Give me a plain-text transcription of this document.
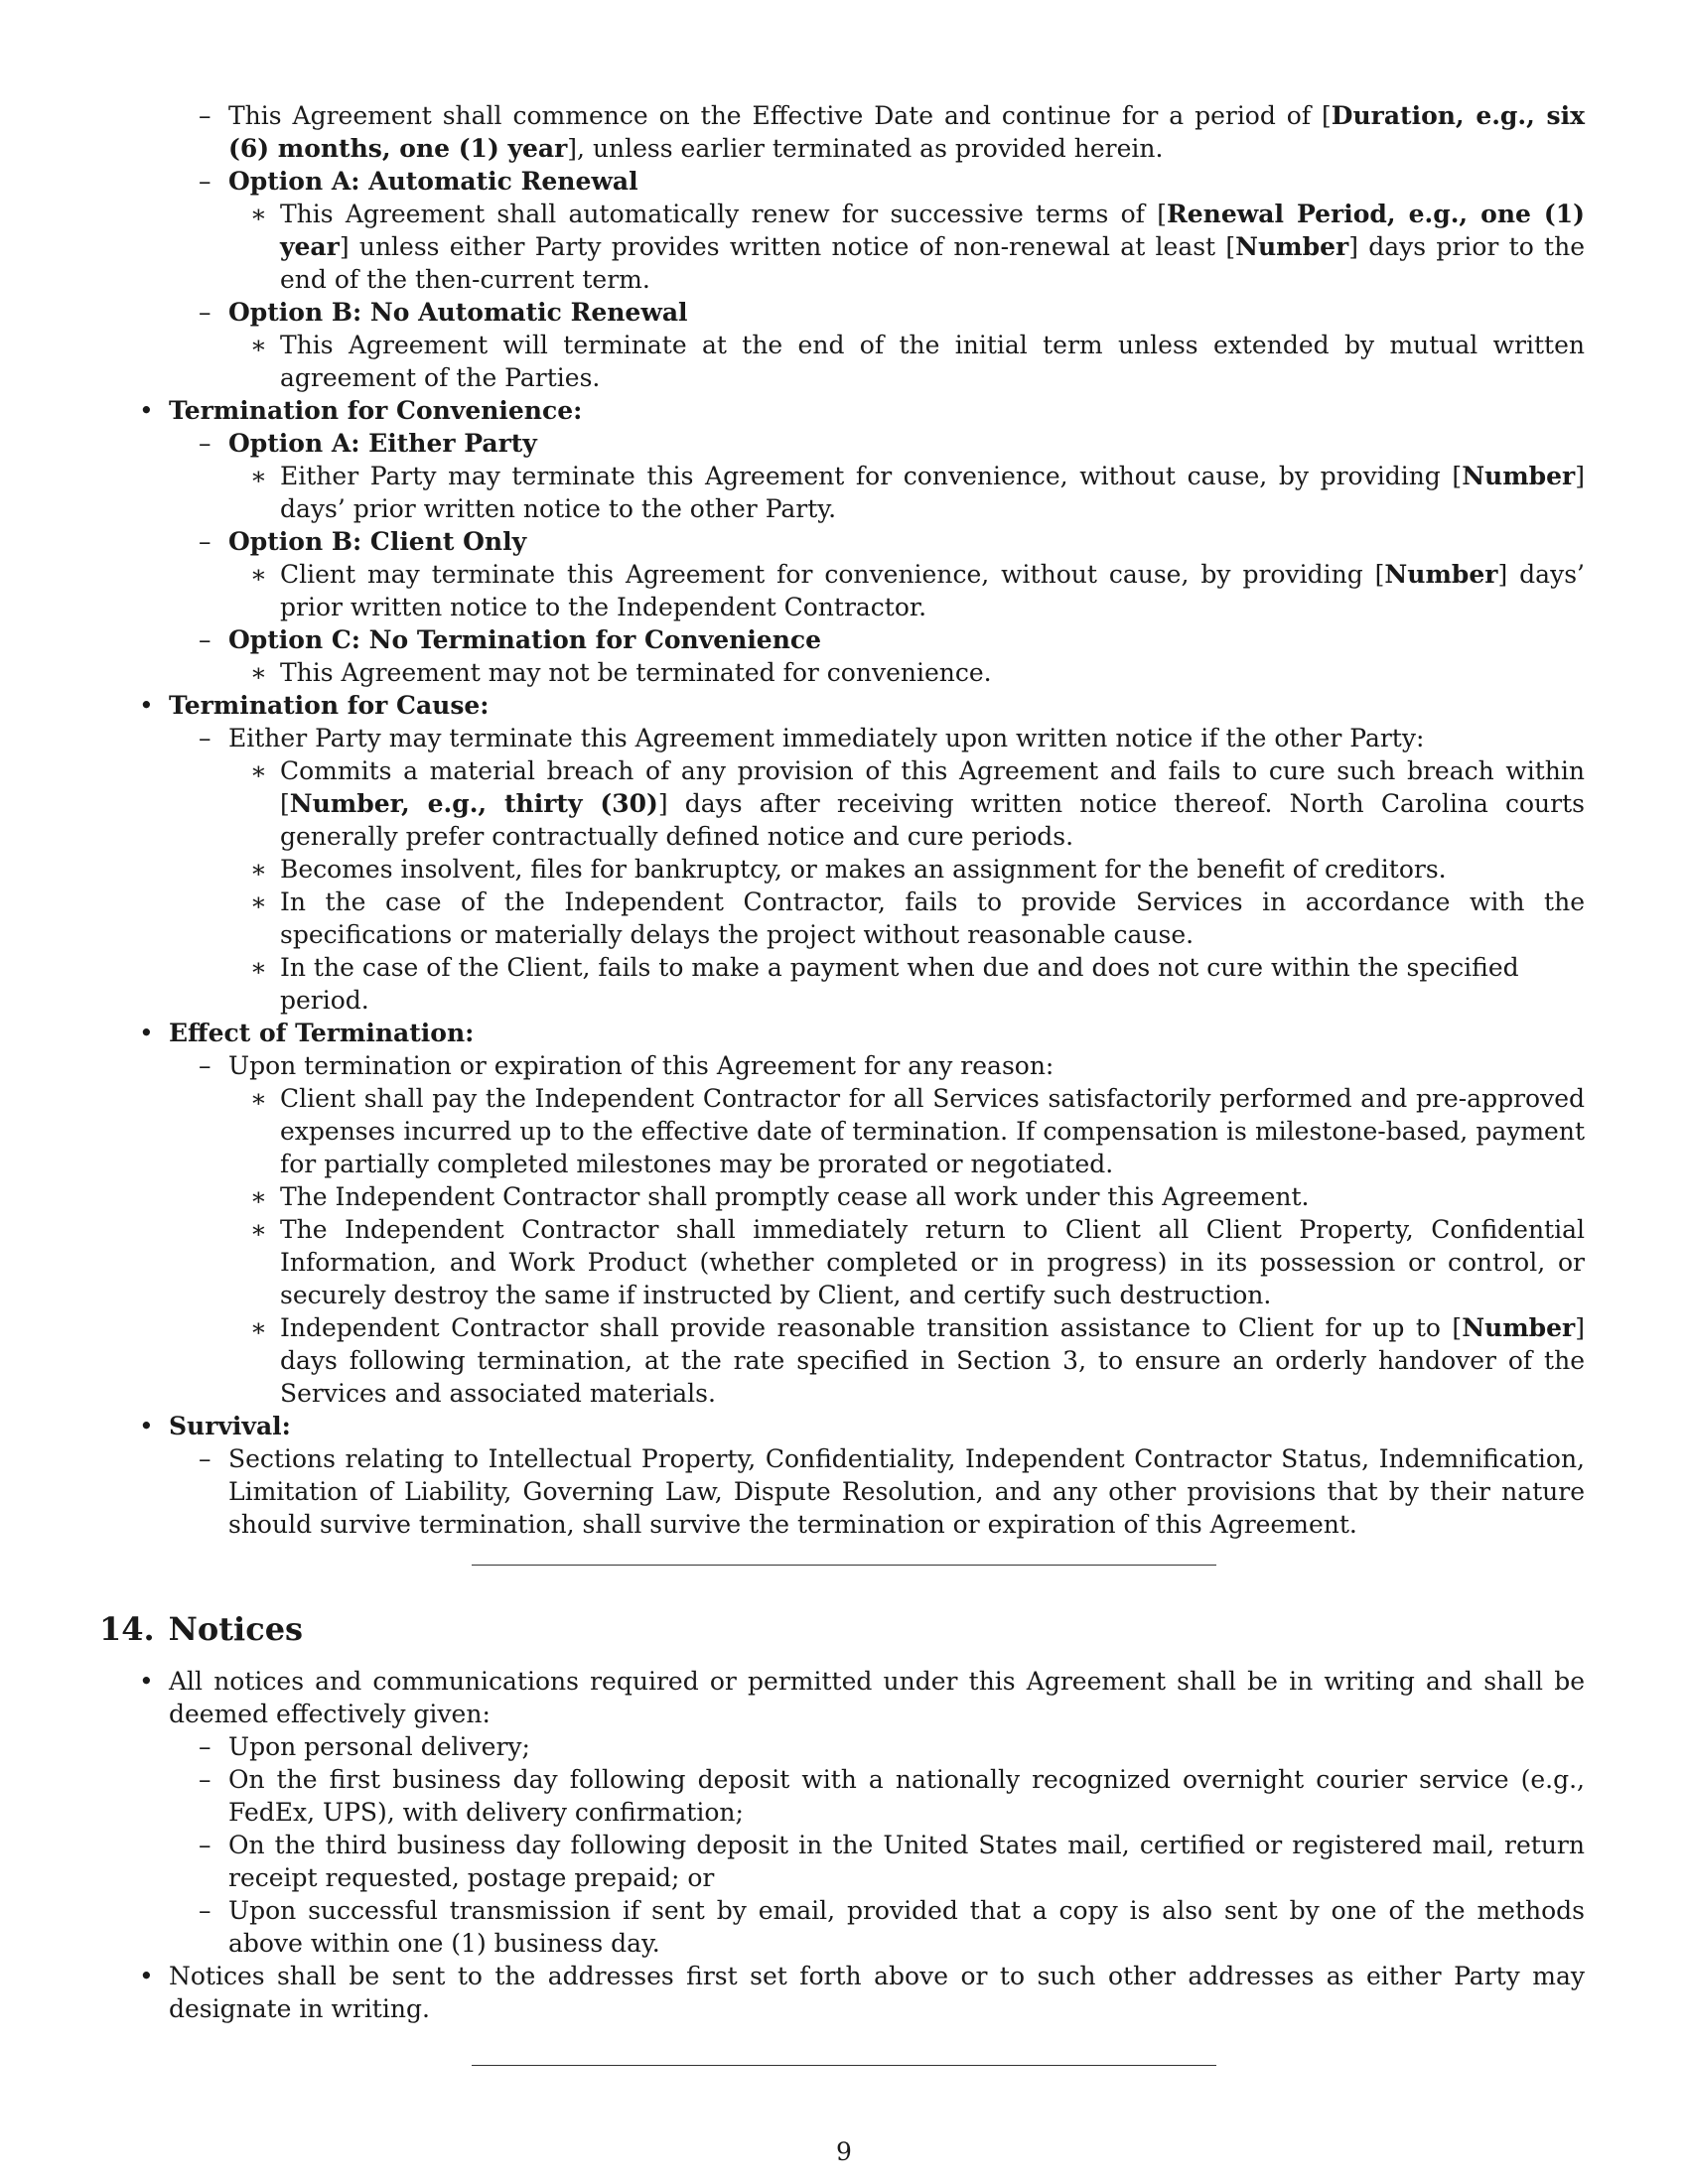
– This Agreement shall commence on the Effective Date and continue for a period of [Duration, e.g., six (6) months, one (1) year], unless earlier terminated as provided herein.
– Option A: Automatic Renewal
∗ This Agreement shall automatically renew for successive terms of [Renewal Period, e.g., one (1) year] unless either Party provides written notice of non-renewal at least [Number] days prior to the end of the then-current term.
– Option B: No Automatic Renewal
∗ This Agreement will terminate at the end of the initial term unless extended by mutual written agreement of the Parties.
• Termination for Convenience:
– Option A: Either Party
∗ Either Party may terminate this Agreement for convenience, without cause, by providing [Number] days’ prior written notice to the other Party.
– Option B: Client Only
∗ Client may terminate this Agreement for convenience, without cause, by providing [Number] days’ prior written notice to the Independent Contractor.
– Option C: No Termination for Convenience
∗ This Agreement may not be terminated for convenience.
• Termination for Cause:
– Either Party may terminate this Agreement immediately upon written notice if the other Party:
∗ Commits a material breach of any provision of this Agreement and fails to cure such breach within [Number, e.g., thirty (30)] days after receiving written notice thereof. North Carolina courts generally prefer contractually defined notice and cure periods.
∗ Becomes insolvent, files for bankruptcy, or makes an assignment for the benefit of creditors.
∗ In the case of the Independent Contractor, fails to provide Services in accordance with the specifications or materially delays the project without reasonable cause.
∗ In the case of the Client, fails to make a payment when due and does not cure within the specified period.
• Effect of Termination:
– Upon termination or expiration of this Agreement for any reason:
∗ Client shall pay the Independent Contractor for all Services satisfactorily performed and pre-approved expenses incurred up to the effective date of termination. If compensation is milestone-based, payment for partially completed milestones may be prorated or negotiated.
∗ The Independent Contractor shall promptly cease all work under this Agreement.
∗ The Independent Contractor shall immediately return to Client all Client Property, Confidential Information, and Work Product (whether completed or in progress) in its possession or control, or securely destroy the same if instructed by Client, and certify such destruction.
∗ Independent Contractor shall provide reasonable transition assistance to Client for up to [Number] days following termination, at the rate specified in Section 3, to ensure an orderly handover of the Services and associated materials.
• Survival:
– Sections relating to Intellectual Property, Confidentiality, Independent Contractor Status, Indemnification, Limitation of Liability, Governing Law, Dispute Resolution, and any other provisions that by their nature should survive termination, shall survive the termination or expiration of this Agreement.
14. Notices
• All notices and communications required or permitted under this Agreement shall be in writing and shall be deemed effectively given:
– Upon personal delivery;
– On the first business day following deposit with a nationally recognized overnight courier service (e.g., FedEx, UPS), with delivery confirmation;
– On the third business day following deposit in the United States mail, certified or registered mail, return receipt requested, postage prepaid; or
– Upon successful transmission if sent by email, provided that a copy is also sent by one of the methods above within one (1) business day.
• Notices shall be sent to the addresses first set forth above or to such other addresses as either Party may designate in writing.
9
